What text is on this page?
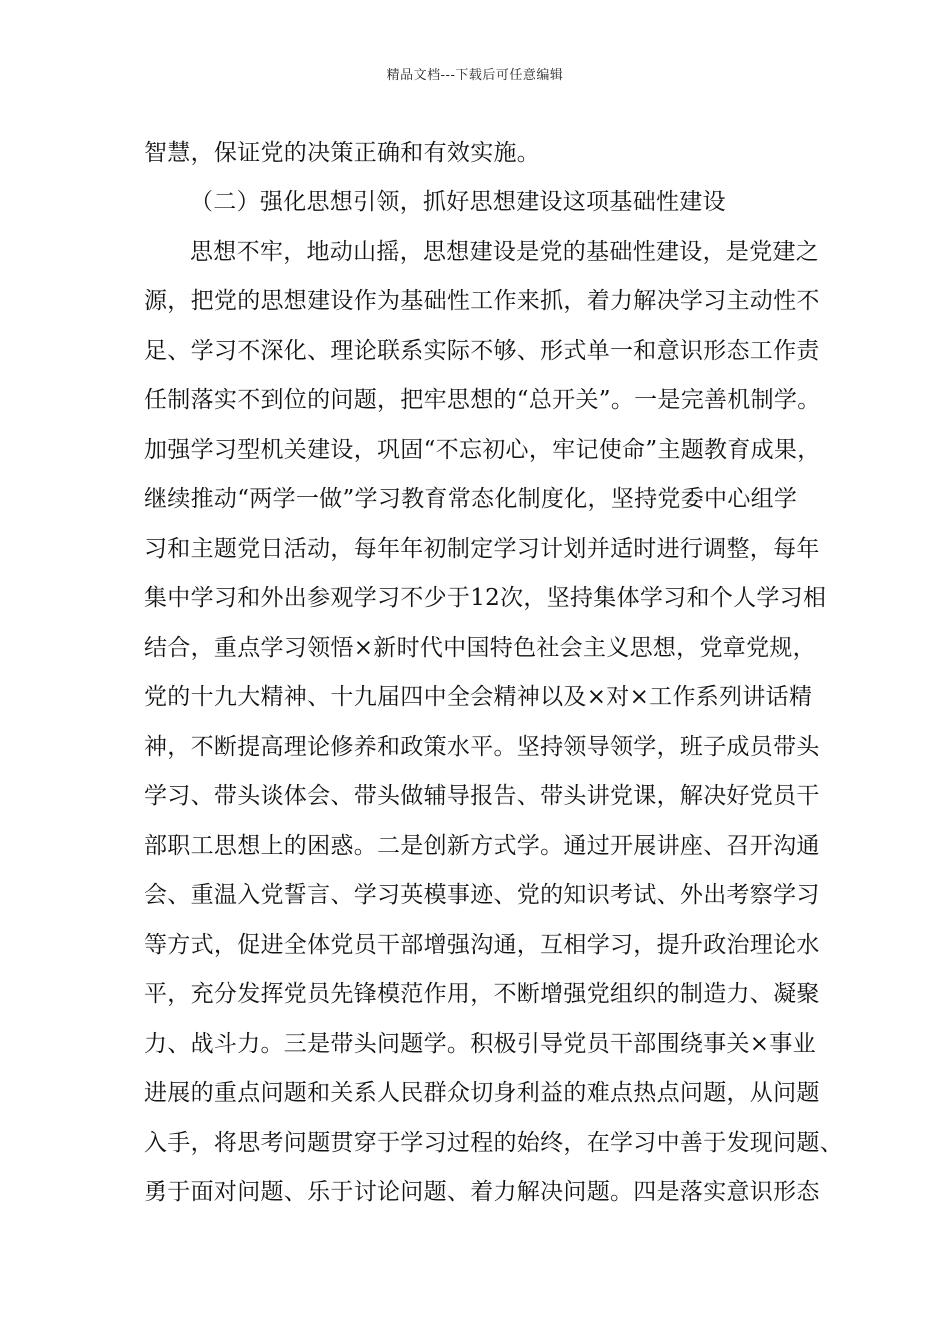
精品文档---下载后可任意编辑
智慧，保证党的决策正确和有效实施。
（二）强化思想引领，抓好思想建设这项基础性建设
思想不牢，地动山摇，思想建设是党的基础性建设，是党建之
源，把党的思想建设作为基础性工作来抓，着力解决学习主动性不
足、学习不深化、理论联系实际不够、形式单一和意识形态工作责
任制落实不到位的问题，把牢思想的“总开关”。一是完善机制学。
加强学习型机关建设，巩固“不忘初心，牢记使命”主题教育成果，
继续推动“两学一做”学习教育常态化制度化，坚持党委中心组学
习和主题党日活动，每年年初制定学习计划并适时进行调整，每年
集中学习和外出参观学习不少于12次，坚持集体学习和个人学习相
结合，重点学习领悟×新时代中国特色社会主义思想，党章党规，
党的十九大精神、十九届四中全会精神以及×对×工作系列讲话精
神，不断提高理论修养和政策水平。坚持领导领学，班子成员带头
学习、带头谈体会、带头做辅导报告、带头讲党课，解决好党员干
部职工思想上的困惑。二是创新方式学。通过开展讲座、召开沟通
会、重温入党誓言、学习英模事迹、党的知识考试、外出考察学习
等方式，促进全体党员干部增强沟通，互相学习，提升政治理论水
平，充分发挥党员先锋模范作用，不断增强党组织的制造力、凝聚
力、战斗力。三是带头问题学。积极引导党员干部围绕事关×事业
进展的重点问题和关系人民群众切身利益的难点热点问题，从问题
入手，将思考问题贯穿于学习过程的始终，在学习中善于发现问题、
勇于面对问题、乐于讨论问题、着力解决问题。四是落实意识形态
